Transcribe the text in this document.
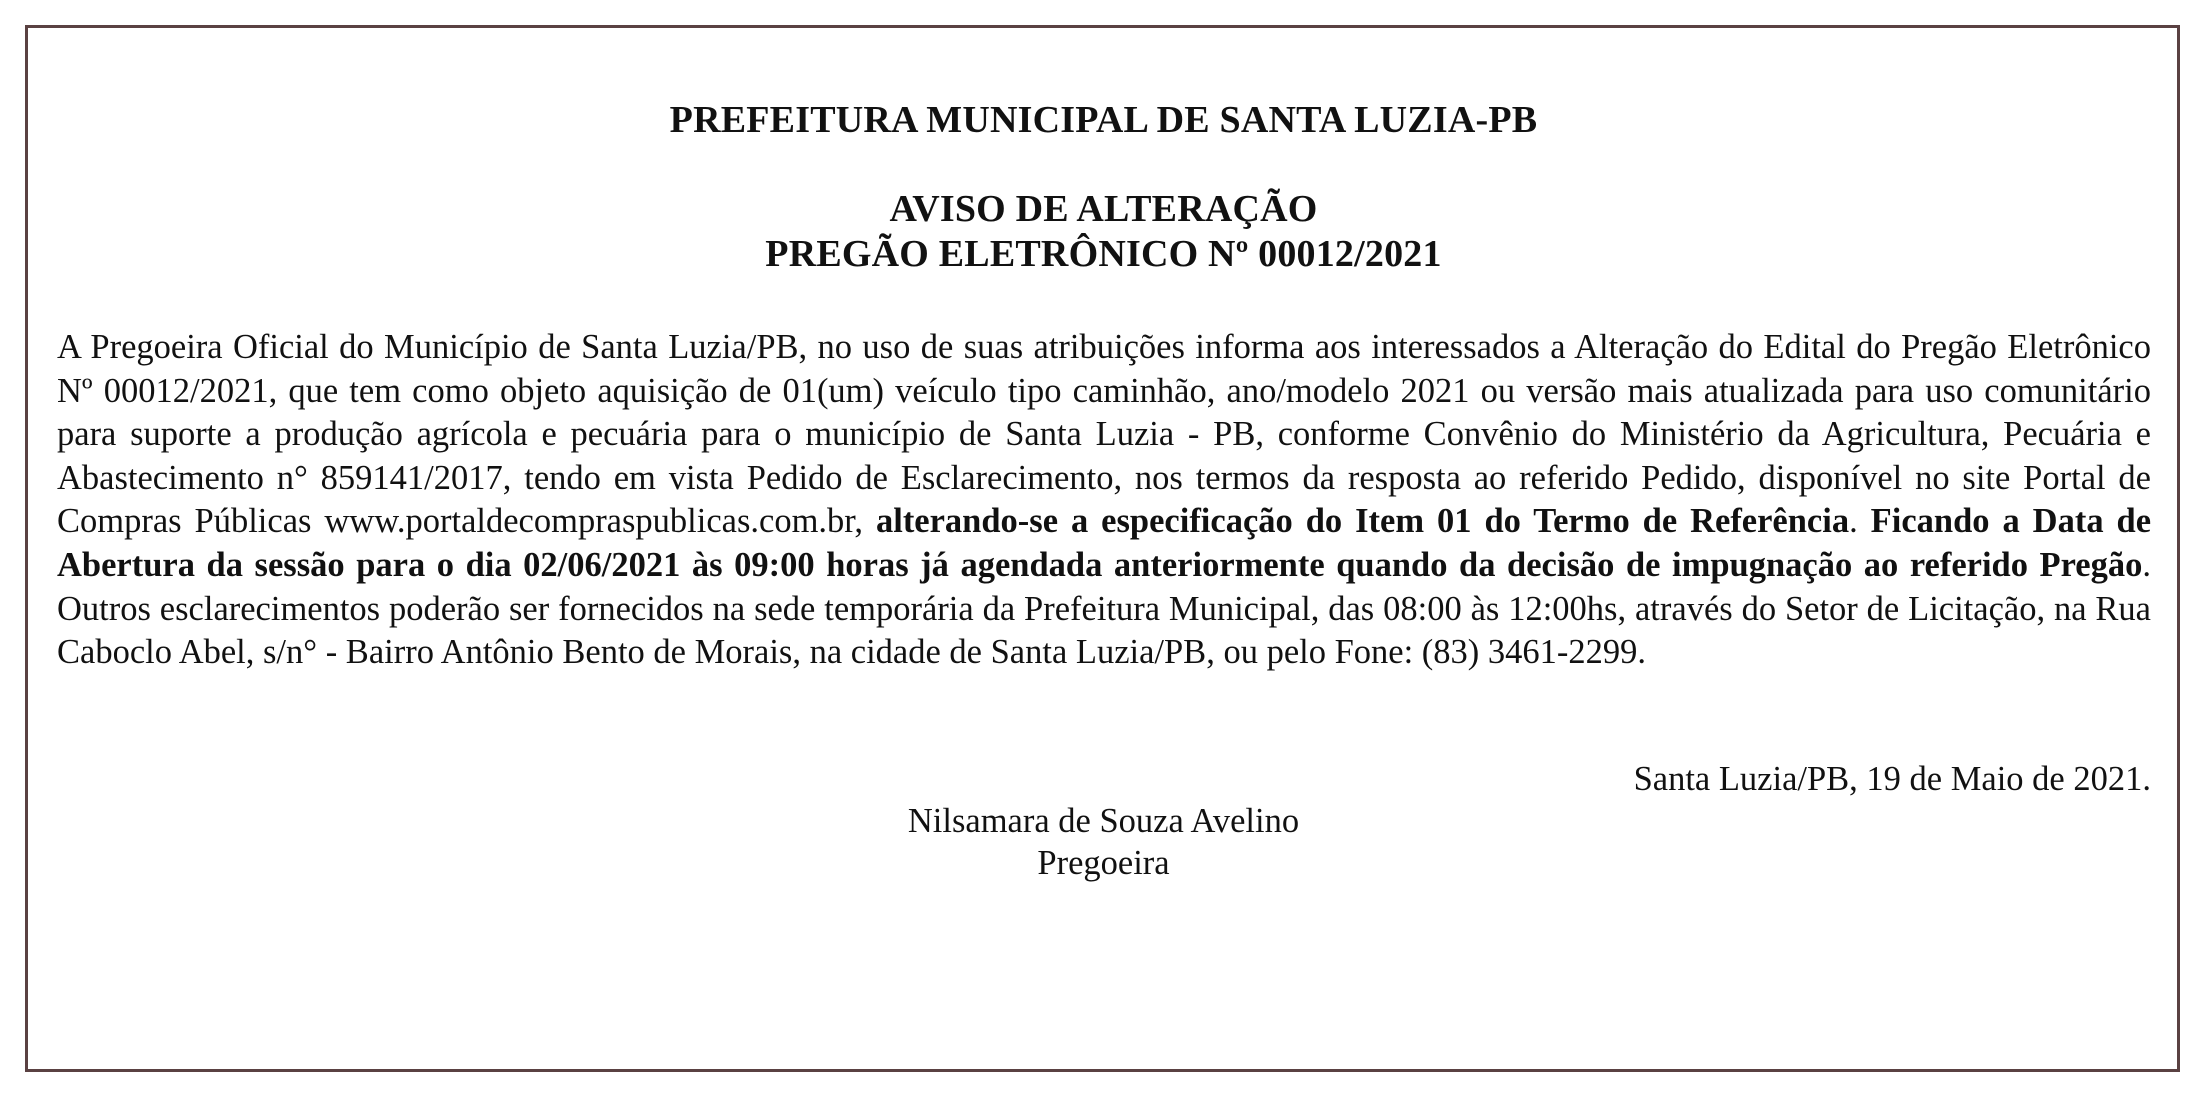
PREFEITURA MUNICIPAL DE SANTA LUZIA-PB
AVISO DE ALTERAÇÃO
PREGÃO ELETRÔNICO Nº 00012/2021
A Pregoeira Oficial do Município de Santa Luzia/PB, no uso de suas atribuições informa aos interessados a Alteração do Edital do Pregão Eletrônico Nº 00012/2021, que tem como objeto aquisição de 01(um) veículo tipo caminhão, ano/modelo 2021 ou versão mais atualizada para uso comunitário para suporte a produção agrícola e pecuária para o município de Santa Luzia - PB, conforme Convênio do Ministério da Agricultura, Pecuária e Abastecimento n° 859141/2017, tendo em vista Pedido de Esclarecimento, nos termos da resposta ao referido Pedido, disponível no site Portal de Compras Públicas www.portaldecompraspublicas.com.br, alterando-se a especificação do Item 01 do Termo de Referência. Ficando a Data de Abertura da sessão para o dia 02/06/2021 às 09:00 horas já agendada anteriormente quando da decisão de impugnação ao referido Pregão. Outros esclarecimentos poderão ser fornecidos na sede temporária da Prefeitura Municipal, das 08:00 às 12:00hs, através do Setor de Licitação, na Rua Caboclo Abel, s/n° - Bairro Antônio Bento de Morais, na cidade de Santa Luzia/PB, ou pelo Fone: (83) 3461-2299.
Santa Luzia/PB, 19 de Maio de 2021.
Nilsamara de Souza Avelino
Pregoeira
